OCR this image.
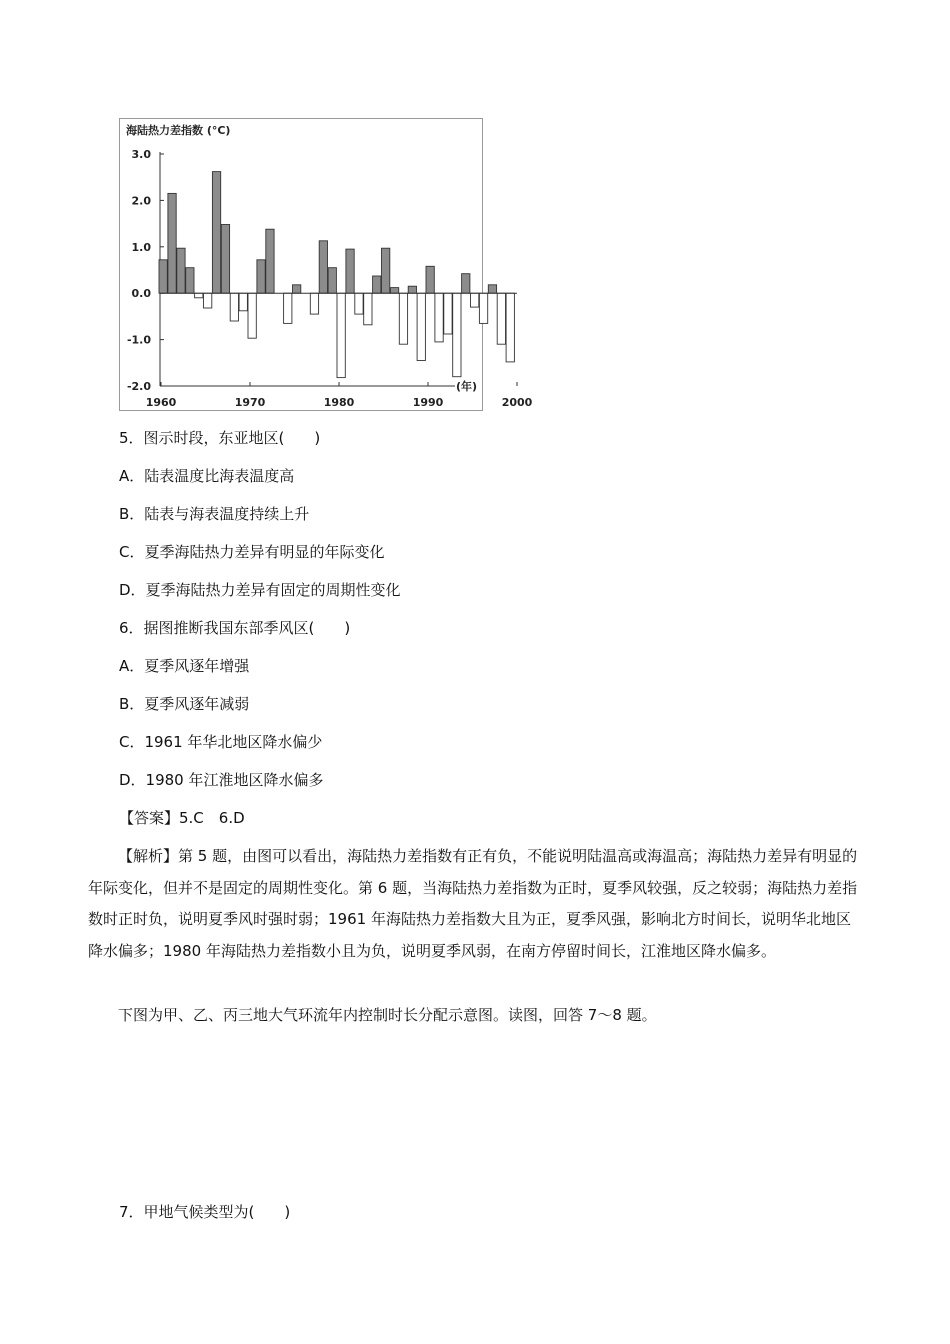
海陆热力差指数 (°C)
3.0
2.0
1.0
0.0
-1.0
-2.0
1960	1970	1980	1990	2000
(年)
5．图示时段，东亚地区(　　)
A．陆表温度比海表温度高
B．陆表与海表温度持续上升
C．夏季海陆热力差异有明显的年际变化
D．夏季海陆热力差异有固定的周期性变化
6．据图推断我国东部季风区(　　)
A．夏季风逐年增强
B．夏季风逐年减弱
C．1961 年华北地区降水偏少
D．1980 年江淮地区降水偏多
【答案】5.C　6.D
【解析】第 5 题，由图可以看出，海陆热力差指数有正有负，不能说明陆温高或海温高；海陆热力差异有明显的年际变化，但并不是固定的周期性变化。第 6 题，当海陆热力差指数为正时，夏季风较强，反之较弱；海陆热力差指数时正时负，说明夏季风时强时弱；1961 年海陆热力差指数大且为正，夏季风强，影响北方时间长，说明华北地区降水偏多；1980 年海陆热力差指数小且为负，说明夏季风弱，在南方停留时间长，江淮地区降水偏多。
下图为甲、乙、丙三地大气环流年内控制时长分配示意图。读图，回答 7～8 题。
7．甲地气候类型为(　　)
